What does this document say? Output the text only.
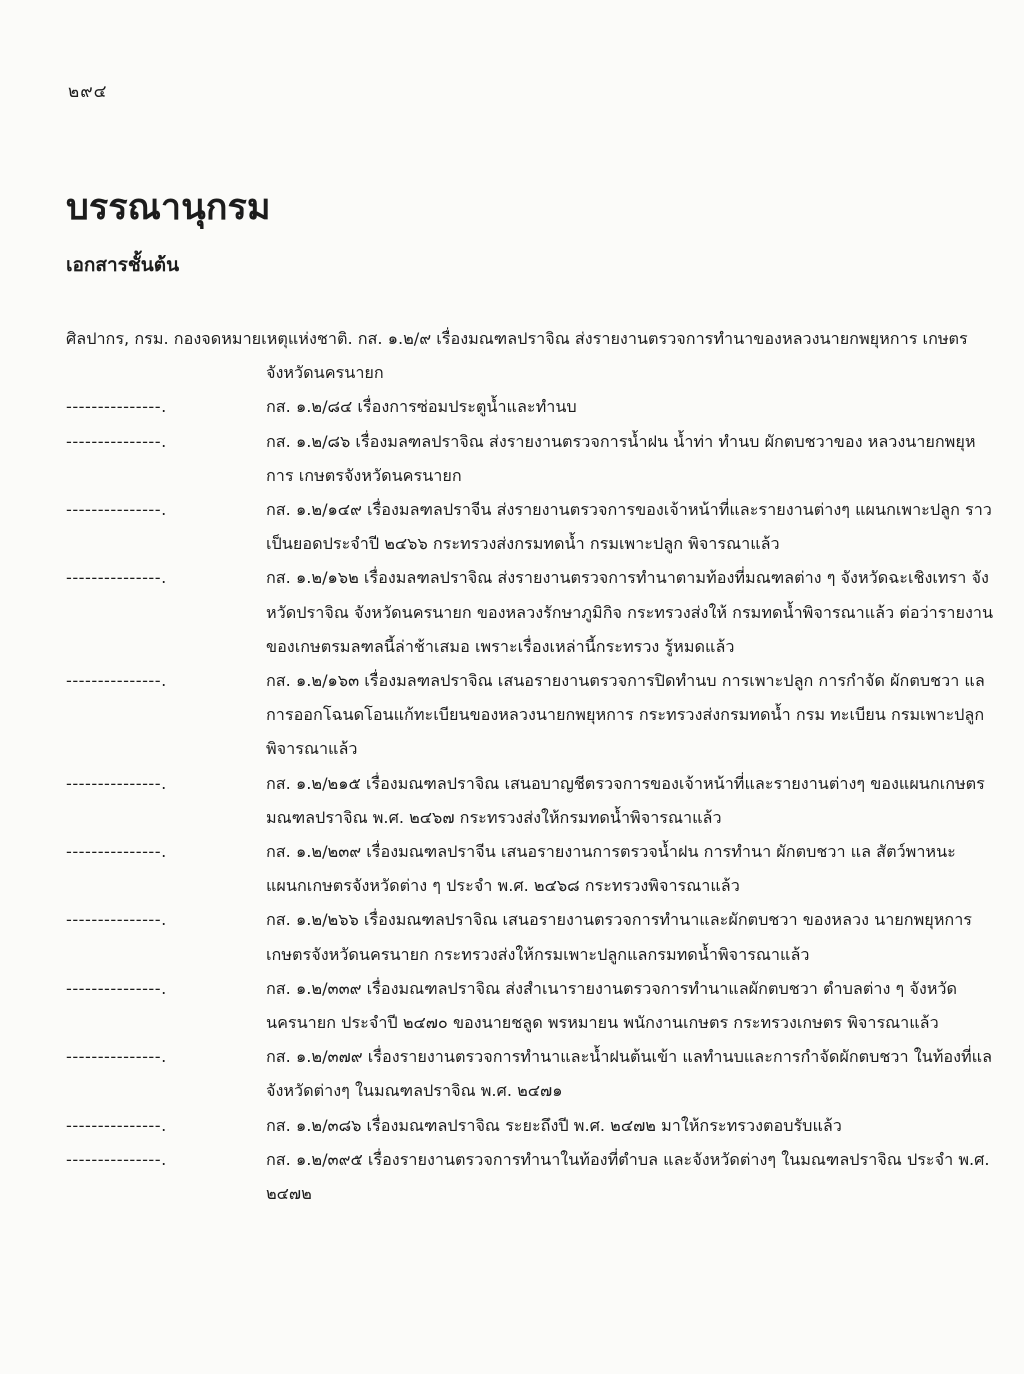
๒๙๔
บรรณานุกรม
เอกสารชั้นต้น
ศิลปากร, กรม. กองจดหมายเหตุแห่งชาติ. กส. ๑.๒/๙ เรื่องมณฑลปราจิณ ส่งรายงานตรวจการทำนาของหลวงนายกพยุหการ เกษตรจังหวัดนครนายก
---------------.	กส. ๑.๒/๘๔ เรื่องการซ่อมประตูน้ำและทำนบ
---------------.	กส. ๑.๒/๘๖ เรื่องมลฑลปราจิณ ส่งรายงานตรวจการน้ำฝน น้ำท่า ทำนบ ผักตบชวาของ หลวงนายกพยุหการ เกษตรจังหวัดนครนายก
---------------.	กส. ๑.๒/๑๔๙ เรื่องมลฑลปราจีน ส่งรายงานตรวจการของเจ้าหน้าที่และรายงานต่างๆ แผนกเพาะปลูก ราวเป็นยอดประจำปี ๒๔๖๖ กระทรวงส่งกรมทดน้ำ กรมเพาะปลูก พิจารณาแล้ว
---------------.	กส. ๑.๒/๑๖๒ เรื่องมลฑลปราจิณ ส่งรายงานตรวจการทำนาตามท้องที่มณฑลต่าง ๆ จังหวัดฉะเชิงเทรา จังหวัดปราจิณ จังหวัดนครนายก ของหลวงรักษาภูมิกิจ กระทรวงส่งให้ กรมทดน้ำพิจารณาแล้ว ต่อว่ารายงานของเกษตรมลฑลนี้ล่าช้าเสมอ เพราะเรื่องเหล่านี้กระทรวง รู้หมดแล้ว
---------------.	กส. ๑.๒/๑๖๓ เรื่องมลฑลปราจิณ เสนอรายงานตรวจการปิดทำนบ การเพาะปลูก การกำจัด ผักตบชวา แลการออกโฉนดโอนแก้ทะเบียนของหลวงนายกพยุหการ กระทรวงส่งกรมทดน้ำ กรม ทะเบียน กรมเพาะปลูกพิจารณาแล้ว
---------------.	กส. ๑.๒/๒๑๕ เรื่องมณฑลปราจิณ เสนอบาญชีตรวจการของเจ้าหน้าที่และรายงานต่างๆ ของแผนกเกษตรมณฑลปราจิณ พ.ศ. ๒๔๖๗ กระทรวงส่งให้กรมทดน้ำพิจารณาแล้ว
---------------.	กส. ๑.๒/๒๓๙ เรื่องมณฑลปราจีน เสนอรายงานการตรวจน้ำฝน การทำนา ผักตบชวา แล สัตว์พาหนะ แผนกเกษตรจังหวัดต่าง ๆ ประจำ พ.ศ. ๒๔๖๘ กระทรวงพิจารณาแล้ว
---------------.	กส. ๑.๒/๒๖๖ เรื่องมณฑลปราจิณ เสนอรายงานตรวจการทำนาและผักตบชวา ของหลวง นายกพยุหการ เกษตรจังหวัดนครนายก กระทรวงส่งให้กรมเพาะปลูกแลกรมทดน้ำพิจารณาแล้ว
---------------.	กส. ๑.๒/๓๓๙ เรื่องมณฑลปราจิณ ส่งสำเนารายงานตรวจการทำนาแลผักตบชวา ตำบลต่าง ๆ จังหวัดนครนายก ประจำปี ๒๔๗๐ ของนายชลูด พรหมายน พนักงานเกษตร กระทรวงเกษตร พิจารณาแล้ว
---------------.	กส. ๑.๒/๓๗๙ เรื่องรายงานตรวจการทำนาและน้ำฝนต้นเข้า แลทำนบและการกำจัดผักตบชวา ในท้องที่แลจังหวัดต่างๆ ในมณฑลปราจิณ พ.ศ. ๒๔๗๑
---------------.	กส. ๑.๒/๓๘๖ เรื่องมณฑลปราจิณ ระยะถึงปี พ.ศ. ๒๔๗๒ มาให้กระทรวงตอบรับแล้ว
---------------.	กส. ๑.๒/๓๙๕ เรื่องรายงานตรวจการทำนาในท้องที่ตำบล และจังหวัดต่างๆ ในมณฑลปราจิณ ประจำ พ.ศ. ๒๔๗๒
